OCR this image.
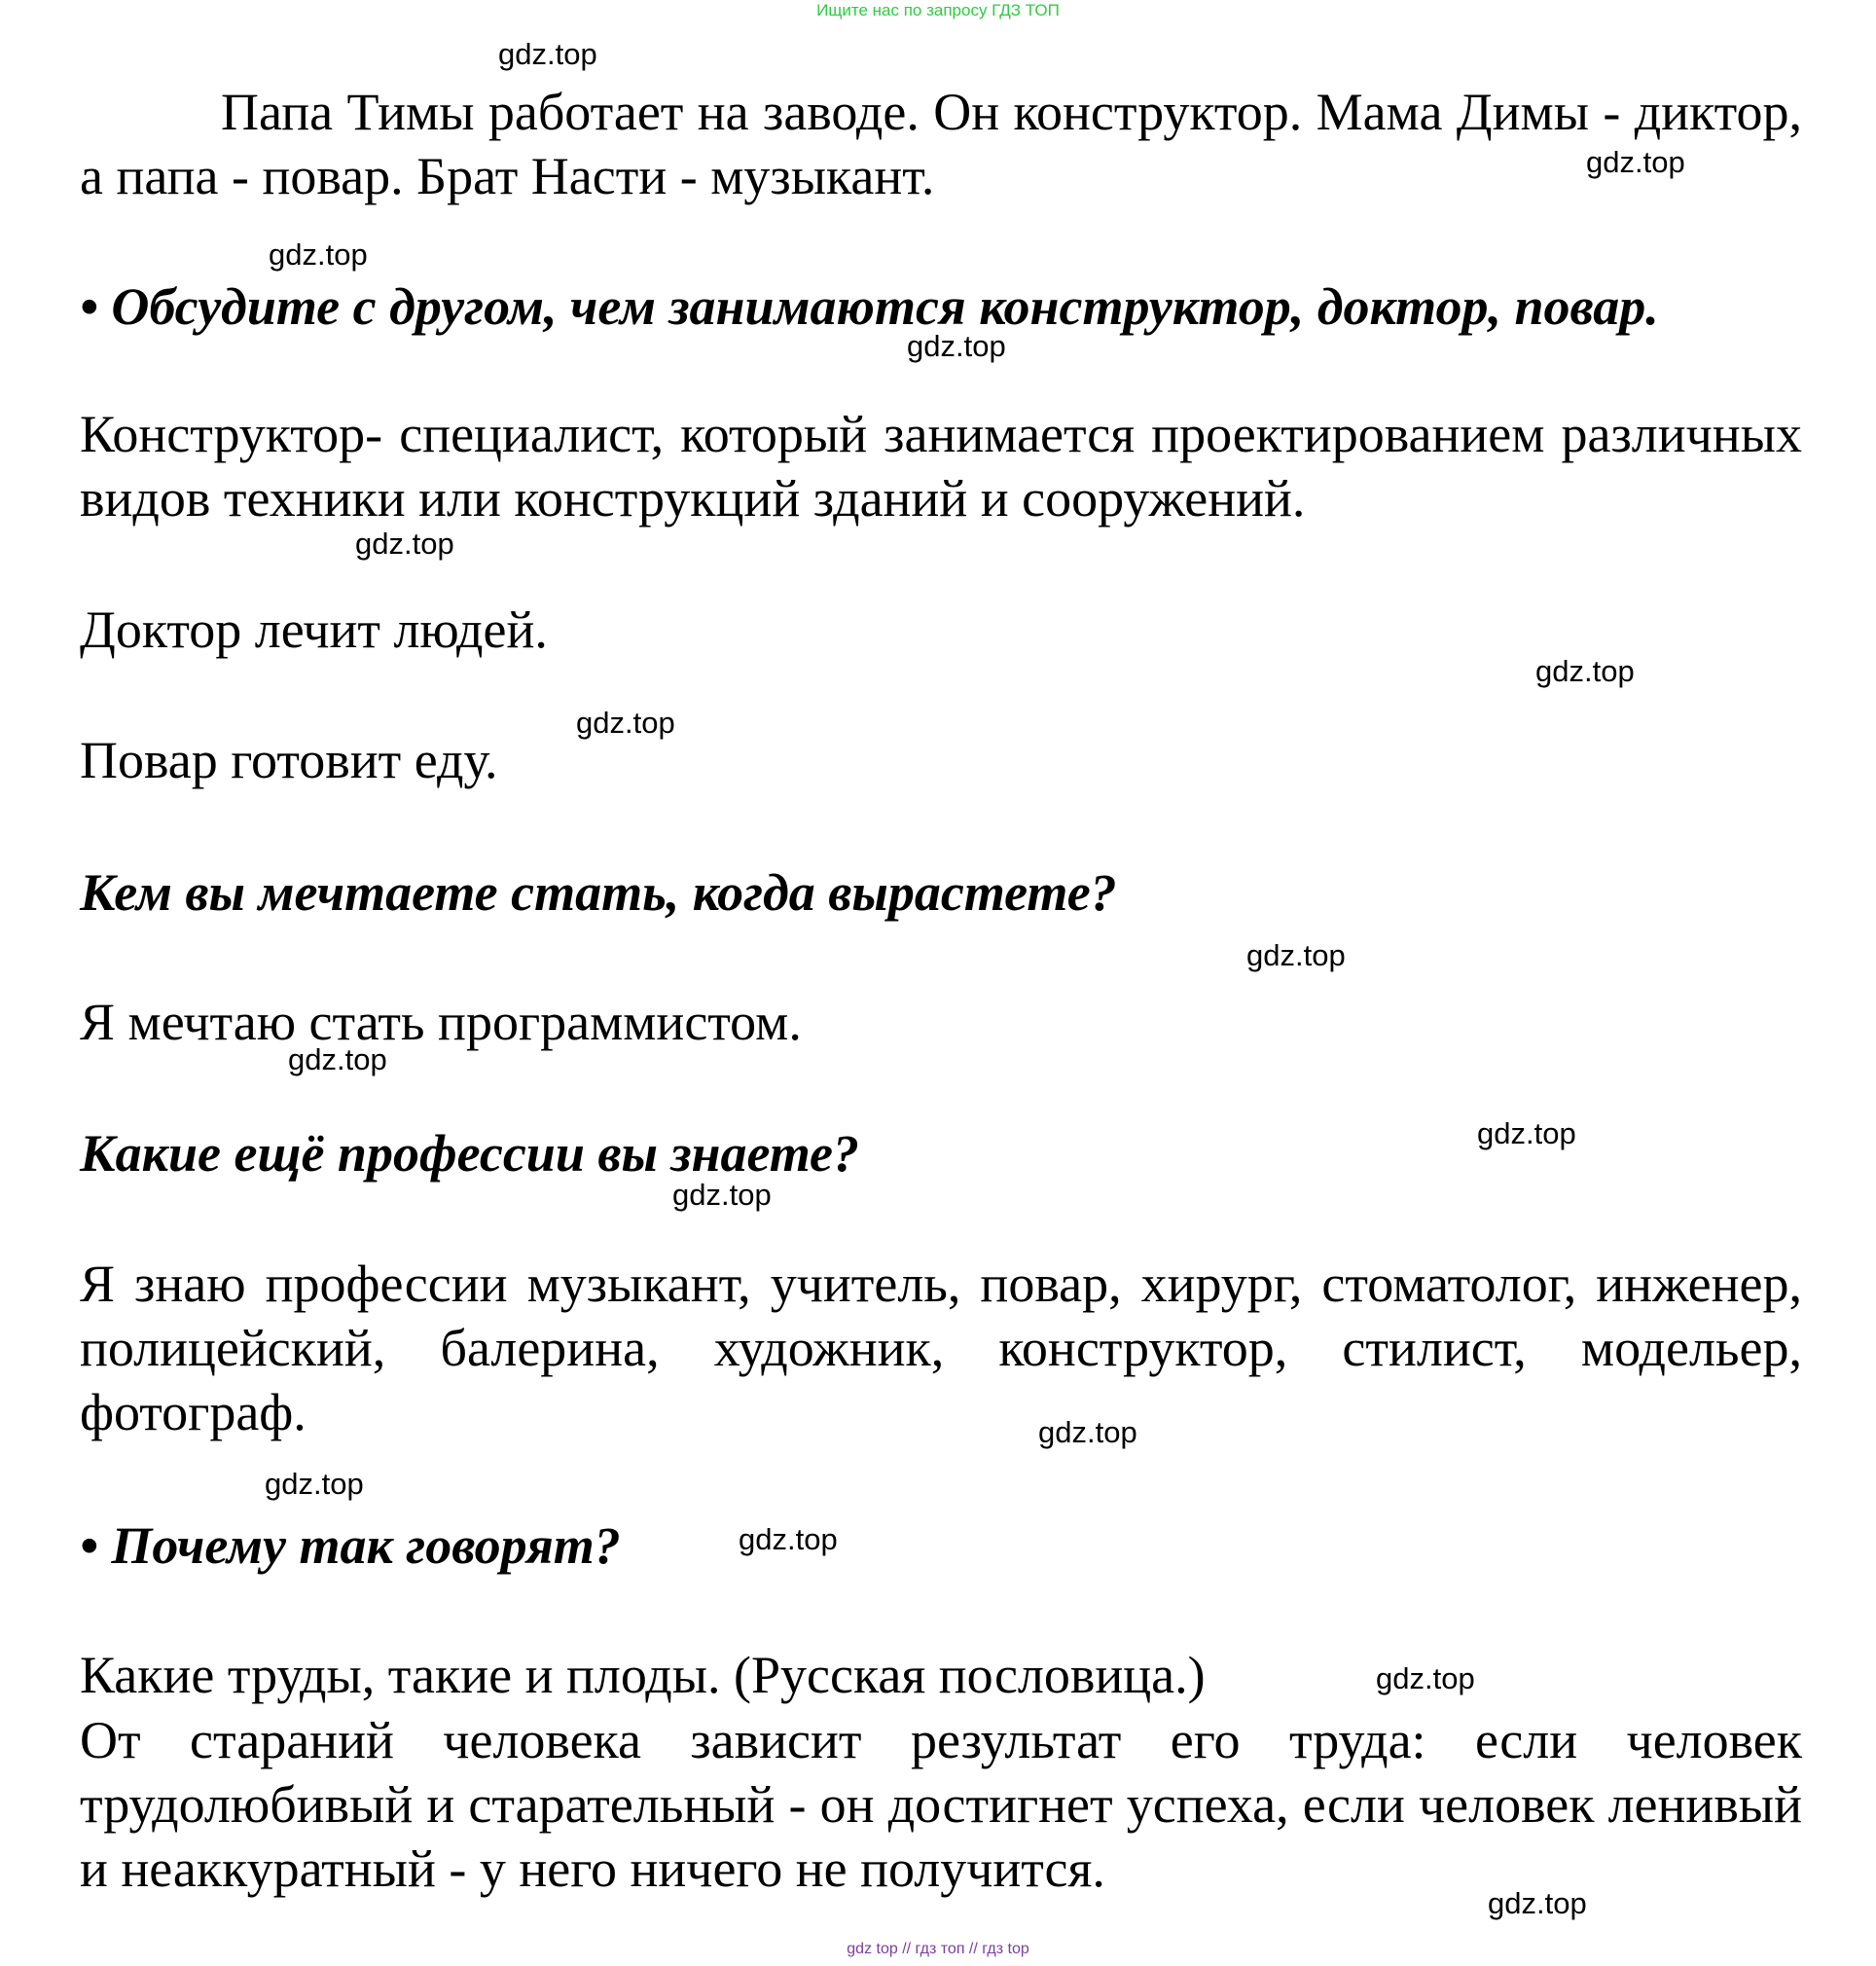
Ищите нас по запросу ГДЗ ТОП

Папа Тимы работает на заводе. Он конструктор. Мама Димы - диктор, а папа - повар. Брат Насти - музыкант.

• Обсудите с другом, чем занимаются конструктор, доктор, повар.

Конструктор- специалист, который занимается проектированием различных видов техники или конструкций зданий и сооружений.

Доктор лечит людей.

Повар готовит еду.

Кем вы мечтаете стать, когда вырастете?

Я мечтаю стать программистом.

Какие ещё профессии вы знаете?

Я знаю профессии музыкант, учитель, повар, хирург, стоматолог, инженер, полицейский, балерина, художник, конструктор, стилист, модельер, фотограф.

• Почему так говорят?

Какие труды, такие и плоды. (Русская пословица.)

От стараний человека зависит результат его труда: если человек трудолюбивый и старательный - он достигнет успеха, если человек ленивый и неаккуратный - у него ничего не получится.

gdz.top
gdz.top
gdz.top
gdz.top
gdz.top
gdz.top
gdz.top
gdz.top
gdz.top
gdz.top
gdz.top
gdz.top
gdz.top
gdz.top
gdz.top
gdz.top
gdz top // гдз топ // гдз top
